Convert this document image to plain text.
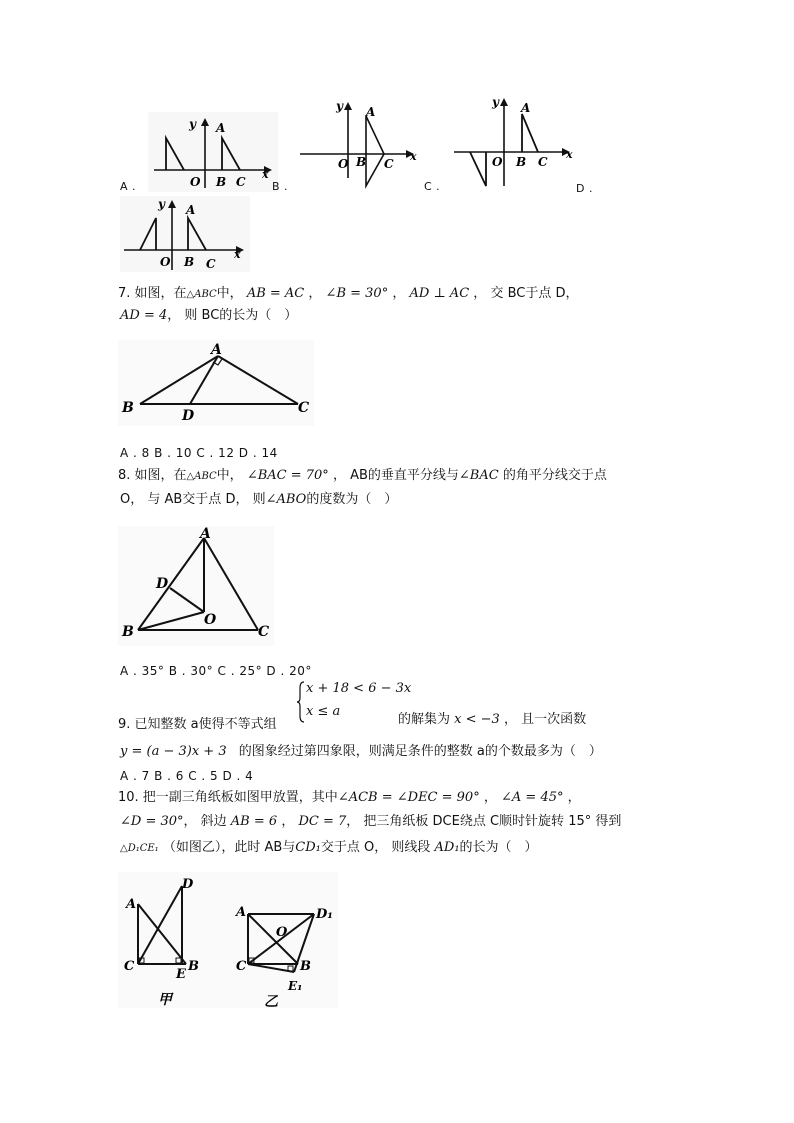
A .
y A
O B C
x
B .
y A
O B C
x
C .
y A
O B C
x
D .
y A
O B C
x
7. 如图，在△ABC中， AB = AC ， ∠B = 30° ， AD ⊥ AC ， 交 BC于点 D，
AD = 4， 则 BC的长为（　）
A
B	C
D
A . 8 B . 10 C . 12 D . 14
8. 如图，在△ABC中， ∠BAC = 70° ， AB的垂直平分线与∠BAC 的角平分线交于点
O， 与 AB交于点 D， 则∠ABO的度数为（　）
A
B	C
D
O
A . 35° B . 30° C . 25° D . 20°
x + 18 < 6 − 3x
x ≤ a
9. 已知整数 a使得不等式组	的解集为 x < −3 ， 且一次函数
y = (a − 3)x + 3 的图象经过第四象限，则满足条件的整数 a的个数最多为（　）
A . 7 B . 6 C . 5 D . 4
10. 把一副三角纸板如图甲放置，其中∠ACB = ∠DEC = 90° ， ∠A = 45° ，
∠D = 30°， 斜边 AB = 6 ， DC = 7， 把三角纸板 DCE绕点 C顺时针旋转 15° 得到
△D₁CE₁ （如图乙），此时 AB与CD₁交于点 O， 则线段 AD₁的长为（　）
A
C
E
B
D
甲
A	D₁
O
C	B
E₁
乙
